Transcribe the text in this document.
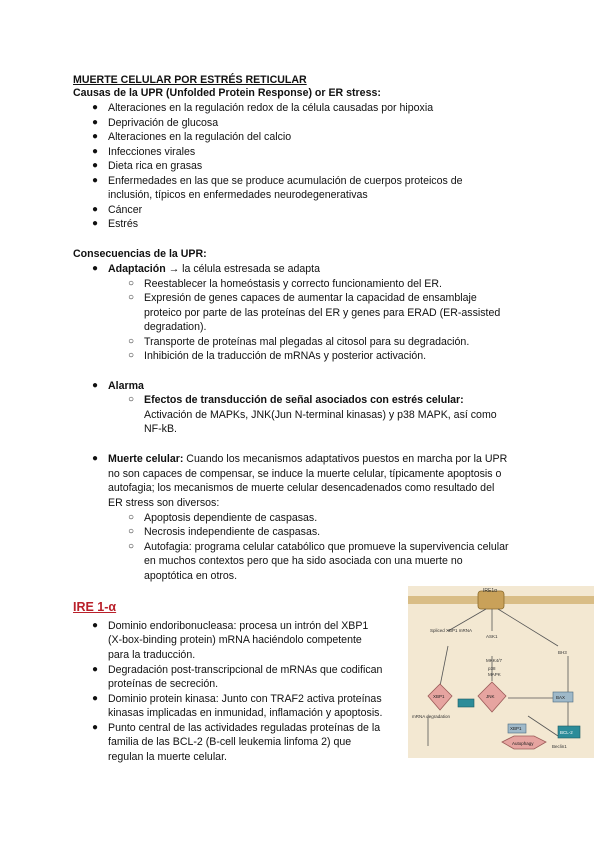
MUERTE CELULAR POR ESTRÉS RETICULAR
Causas de la UPR (Unfolded Protein Response) or ER stress:
● Alteraciones en la regulación redox de la célula causadas por hipoxia
● Deprivación de glucosa
● Alteraciones en la regulación del calcio
● Infecciones virales
● Dieta rica en grasas
● Enfermedades en las que se produce acumulación de cuerpos proteicos de
inclusión, típicos en enfermedades neurodegenerativas
● Cáncer
● Estrés
Consecuencias de la UPR:
● Adaptación → la célula estresada se adapta
○ Reestablecer la homeóstasis y correcto funcionamiento del ER.
○ Expresión de genes capaces de aumentar la capacidad de ensamblaje
proteico por parte de las proteínas del ER y genes para ERAD (ER-assisted
degradation).
○ Transporte de proteínas mal plegadas al citosol para su degradación.
○ Inhibición de la traducción de mRNAs y posterior activación.
● Alarma
○ Efectos de transducción de señal asociados con estrés celular:
Activación de MAPKs, JNK(Jun N-terminal kinasas) y p38 MAPK, así como
NF-kB.
● Muerte celular: Cuando los mecanismos adaptativos puestos en marcha por la UPR
no son capaces de compensar, se induce la muerte celular, típicamente apoptosis o
autofagia; los mecanismos de muerte celular desencadenados como resultado del
ER stress son diversos:
○ Apoptosis dependiente de caspasas.
○ Necrosis independiente de caspasas.
○ Autofagia: programa celular catabólico que promueve la supervivencia celular
en muchos contextos pero que ha sido asociada con una muerte no
apoptótica en otros.
IRE 1-α
● Dominio endoribonucleasa: procesa un intrón del XBP1
(X-box-binding protein) mRNA haciéndolo competente
para la traducción.
● Degradación post-transcripcional de mRNAs que codifican
proteínas de secreción.
● Dominio protein kinasa: Junto con TRAF2 activa proteínas
kinasas implicadas en inmunidad, inflamación y apoptosis.
● Punto central de las actividades reguladas proteínas de la
familia de las BCL-2 (B-cell leukemia linfoma 2) que
regulan la muerte celular.
IRE1α
Spliced XBP1 mRNA
ASK1
MKK4/7
p38
MAPK
BH3
XBP1	JNK	BAX
BCL-2
XBP1
Autophagy
Beclin1
mRNA degradation
